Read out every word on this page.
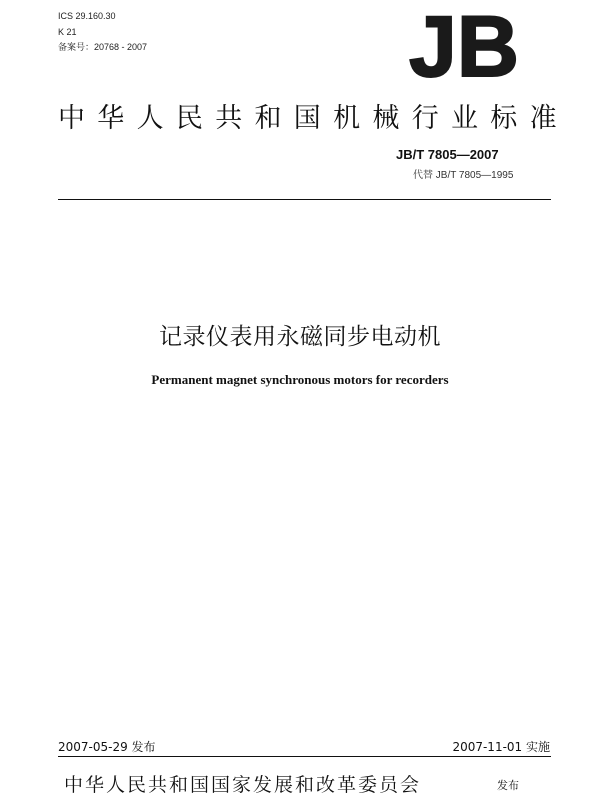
ICS 29.160.30
K 21
备案号：20768 - 2007	JB
中华人民共和国机械行业标准
JB/T 7805—2007
代替 JB/T 7805—1995
记录仪表用永磁同步电动机
Permanent magnet synchronous motors for recorders
2007-05-29 发布	2007-11-01 实施
中华人民共和国国家发展和改革委员会	发布
